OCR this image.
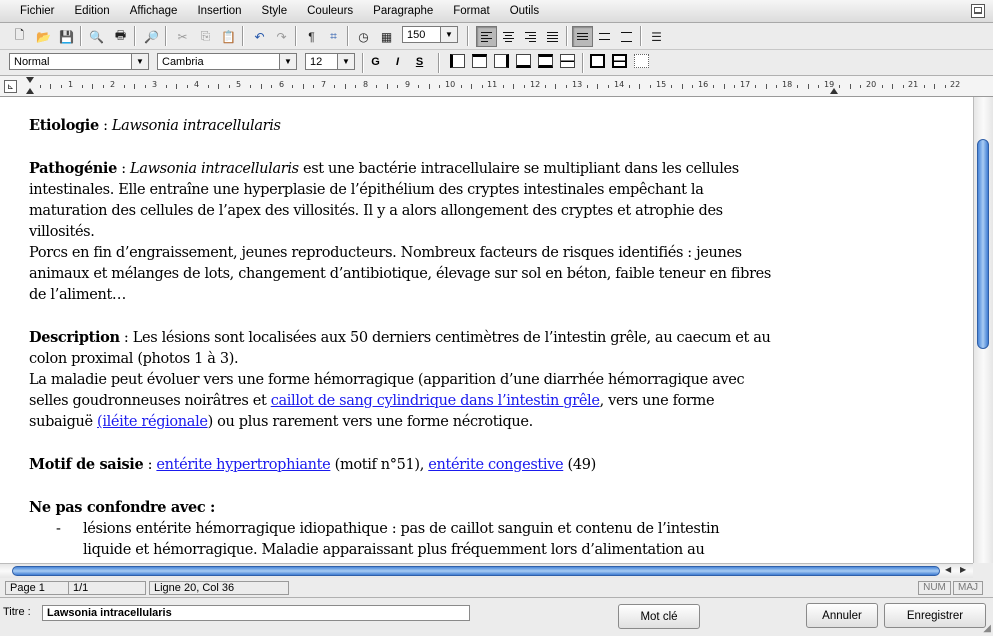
Fichier	Edition	Affichage	Insertion	Style	Couleurs	Paragraphe	Format	Outils
🗋 📂 💾 🔍 🖶	🔎	✂	⎘ 📋	↶ ↷	¶	⌗	◷	▦	150	▼	☰
Normal	▼	Cambria	▼	12	▼	G	I	S
⊾	1	2	3	4	5	6	7	8	9	10	11	12	13	14	15	16	17	18	19	20	21	22

Etiologie : Lawsonia intracellularis

Pathogénie : Lawsonia intracellularis est une bactérie intracellulaire se multipliant dans les cellules

intestinales. Elle entraîne une hyperplasie de l’épithélium des cryptes intestinales empêchant la

maturation des cellules de l’apex des villosités. Il y a alors allongement des cryptes et atrophie des

villosités.

Porcs en fin d’engraissement, jeunes reproducteurs. Nombreux facteurs de risques identifiés : jeunes

animaux et mélanges de lots, changement d’antibiotique, élevage sur sol en béton, faible teneur en fibres

de l’aliment…

Description : Les lésions sont localisées aux 50 derniers centimètres de l’intestin grêle, au caecum et au

colon proximal (photos 1 à 3).

La maladie peut évoluer vers une forme hémorragique (apparition d’une diarrhée hémorragique avec

selles goudronneuses noirâtres et caillot de sang cylindrique dans l’intestin grêle, vers une forme

subaiguë (iléite régionale) ou plus rarement vers une forme nécrotique.

Motif de saisie : entérite hypertrophiante (motif n°51), entérite congestive (49)

Ne pas confondre avec :

- lésions entérite hémorragique idiopathique : pas de caillot sanguin et contenu de l’intestin

liquide et hémorragique. Maladie apparaissant plus fréquemment lors d’alimentation au

◀ ▶
Page 1	1/1	Ligne 20, Col 36	NUM	MAJ
Titre :	Lawsonia intracellularis	Mot clé	Annuler	Enregistrer
◢
